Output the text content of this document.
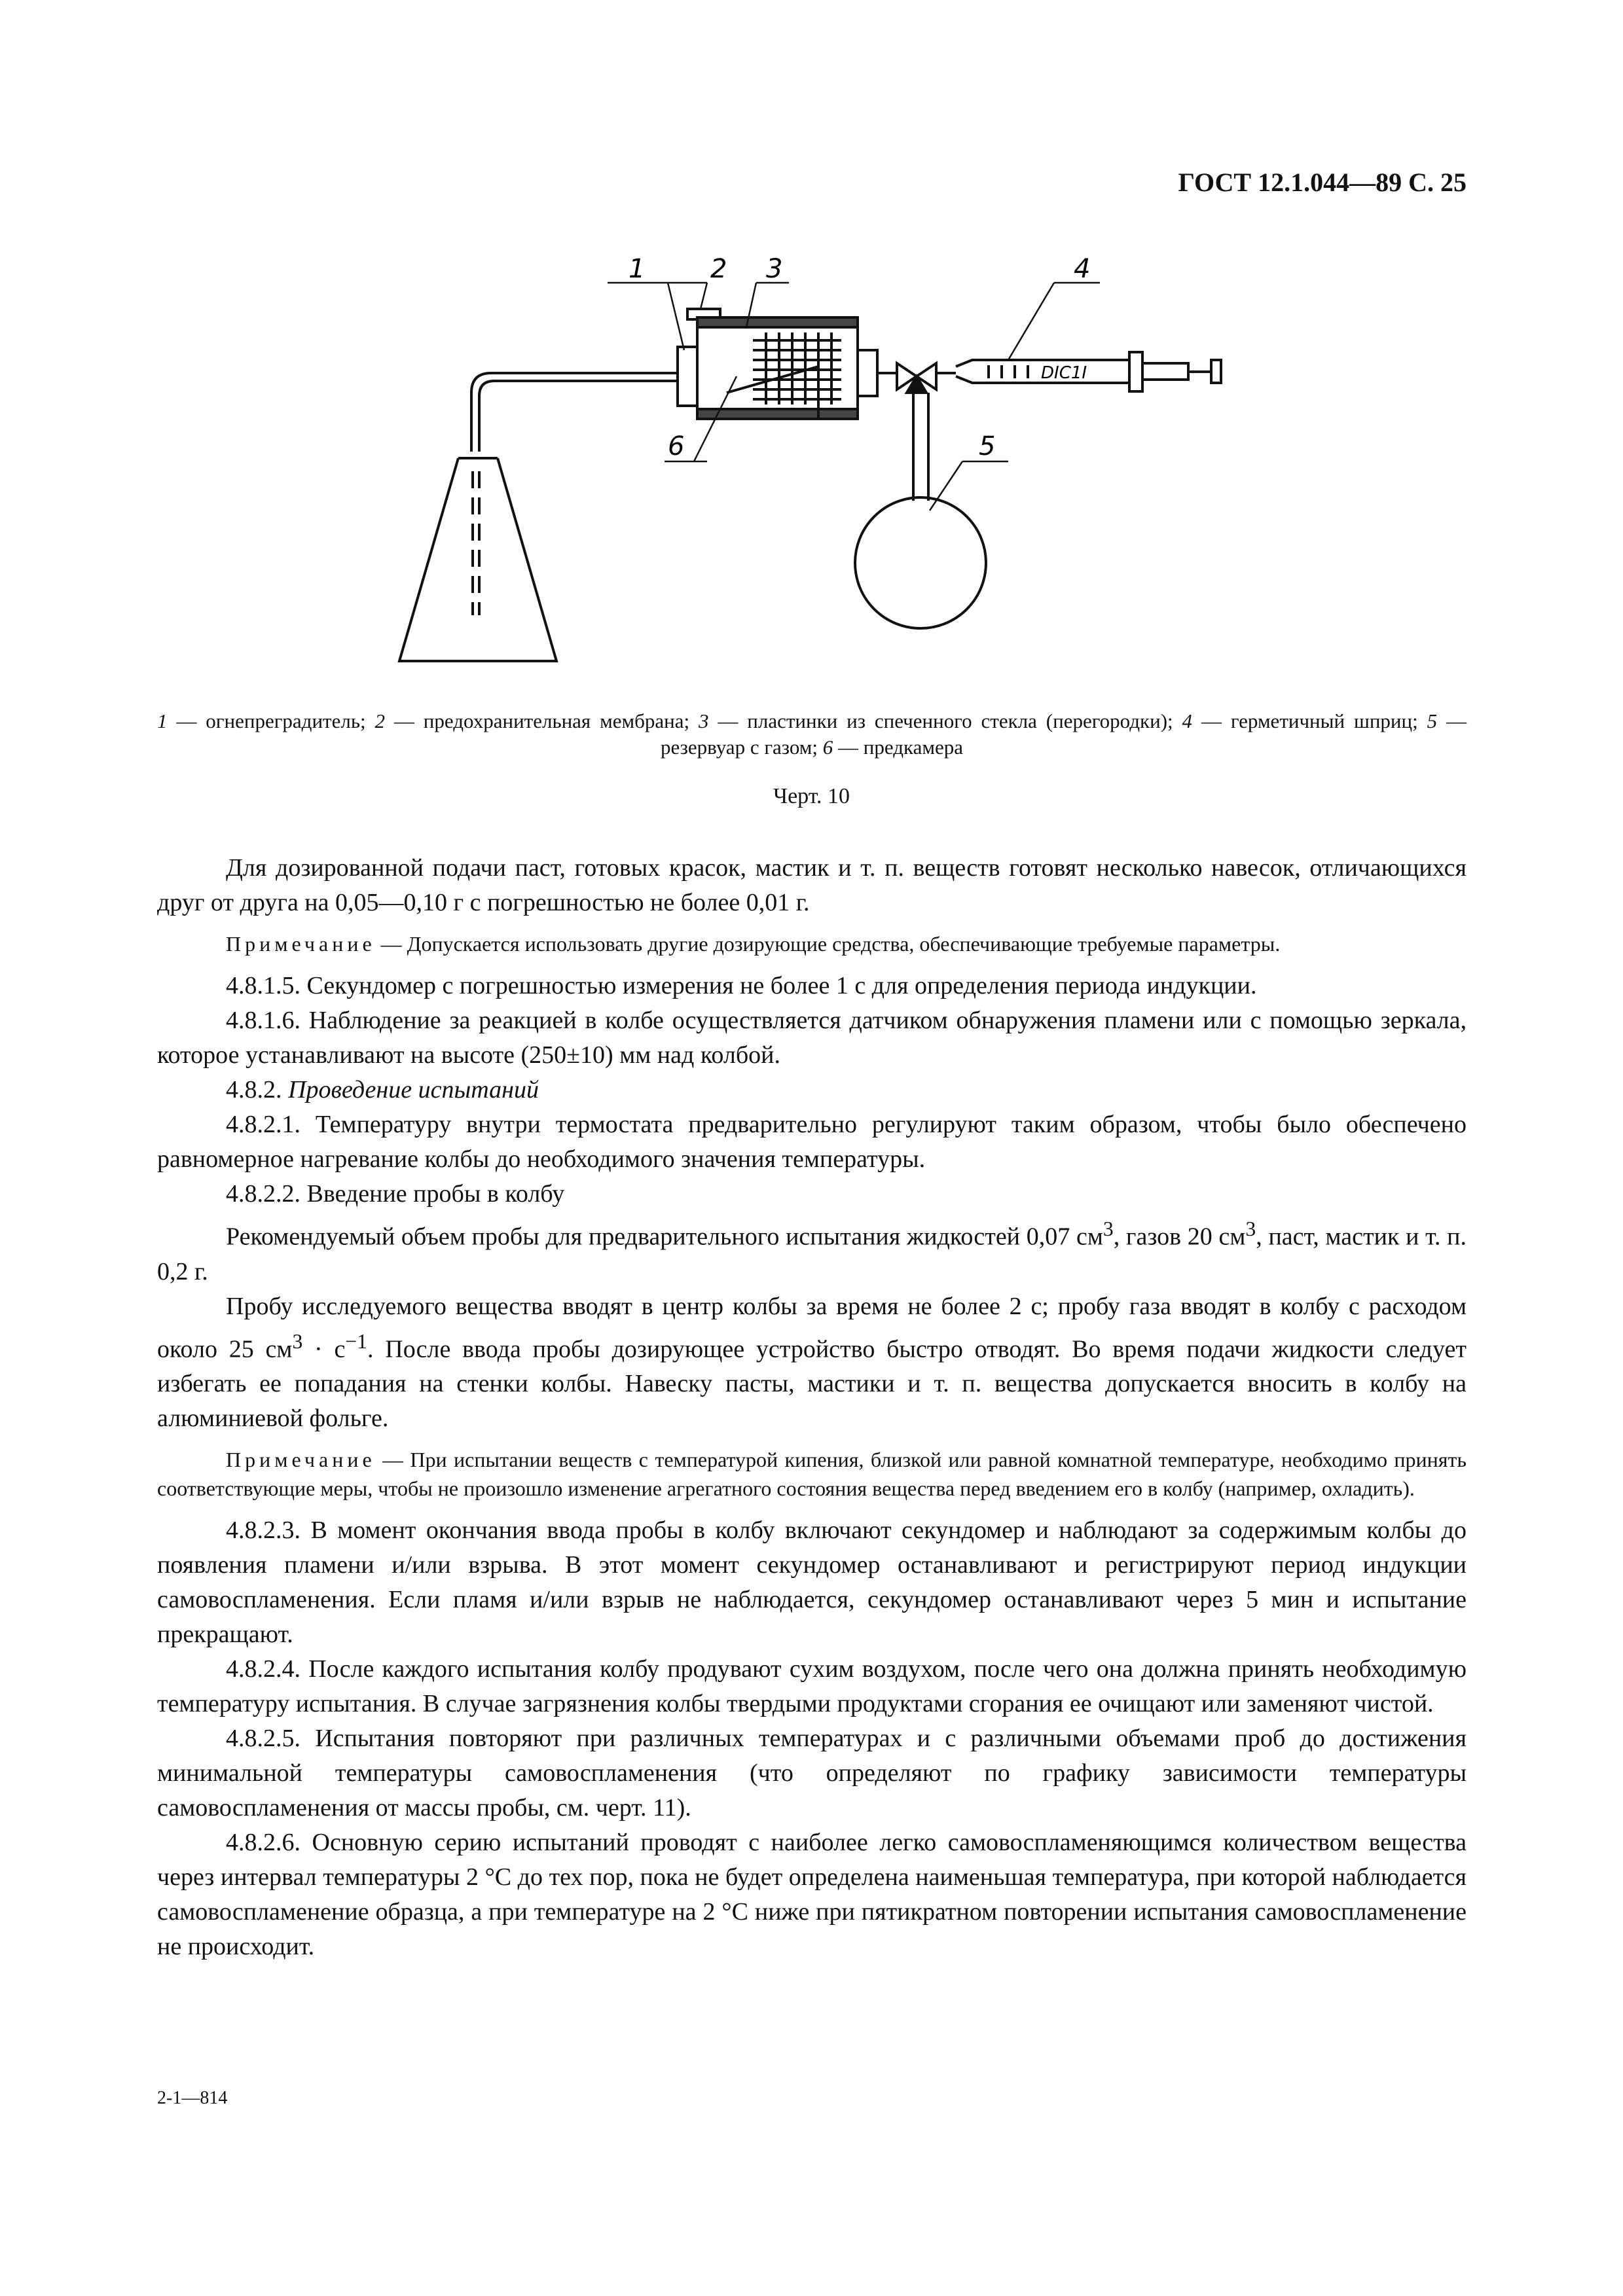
ГОСТ 12.1.044—89 С. 25
1 2 3	4
5
6
DIC1I
1 — огнепреградитель; 2 — предохранительная мембрана; 3 — пластинки из спеченного стекла (перегородки); 4 — герметичный шприц; 5 — резервуар с газом; 6 — предкамера
Черт. 10

Для дозированной подачи паст, готовых красок, мастик и т. п. веществ готовят несколько навесок, отличающихся друг от друга на 0,05—0,10 г с погрешностью не более 0,01 г.

Примечание — Допускается использовать другие дозирующие средства, обеспечивающие требуемые параметры.

4.8.1.5. Секундомер с погрешностью измерения не более 1 с для определения периода индукции.

4.8.1.6. Наблюдение за реакцией в колбе осуществляется датчиком обнаружения пламени или с помощью зеркала, которое устанавливают на высоте (250±10) мм над колбой.

4.8.2. Проведение испытаний

4.8.2.1. Температуру внутри термостата предварительно регулируют таким образом, чтобы было обеспечено равномерное нагревание колбы до необходимого значения температуры.

4.8.2.2. Введение пробы в колбу

Рекомендуемый объем пробы для предварительного испытания жидкостей 0,07 $см^3$, газов 20 $см^3$, паст, мастик и т. п. 0,2 г.

Пробу исследуемого вещества вводят в центр колбы за время не более 2 с; пробу газа вводят в колбу с расходом около 25 $см^3 \cdot с^{-1}$. После ввода пробы дозирующее устройство быстро отводят. Во время подачи жидкости следует избегать ее попадания на стенки колбы. Навеску пасты, мастики и т. п. вещества допускается вносить в колбу на алюминиевой фольге.

Примечание — При испытании веществ с температурой кипения, близкой или равной комнатной температуре, необходимо принять соответствующие меры, чтобы не произошло изменение агрегатного состояния вещества перед введением его в колбу (например, охладить).

4.8.2.3. В момент окончания ввода пробы в колбу включают секундомер и наблюдают за содержимым колбы до появления пламени и/или взрыва. В этот момент секундомер останавливают и регистрируют период индукции самовоспламенения. Если пламя и/или взрыв не наблюдается, секундомер останавливают через 5 мин и испытание прекращают.

4.8.2.4. После каждого испытания колбу продувают сухим воздухом, после чего она должна принять необходимую температуру испытания. В случае загрязнения колбы твердыми продуктами сгорания ее очищают или заменяют чистой.

4.8.2.5. Испытания повторяют при различных температурах и с различными объемами проб до достижения минимальной температуры самовоспламенения (что определяют по графику зависимости температуры самовоспламенения от массы пробы, см. черт. 11).

4.8.2.6. Основную серию испытаний проводят с наиболее легко самовоспламеняющимся количеством вещества через интервал температуры 2 °С до тех пор, пока не будет определена наименьшая температура, при которой наблюдается самовоспламенение образца, а при температуре на 2 °С ниже при пятикратном повторении испытания самовоспламенение не происходит.

2-1—814
